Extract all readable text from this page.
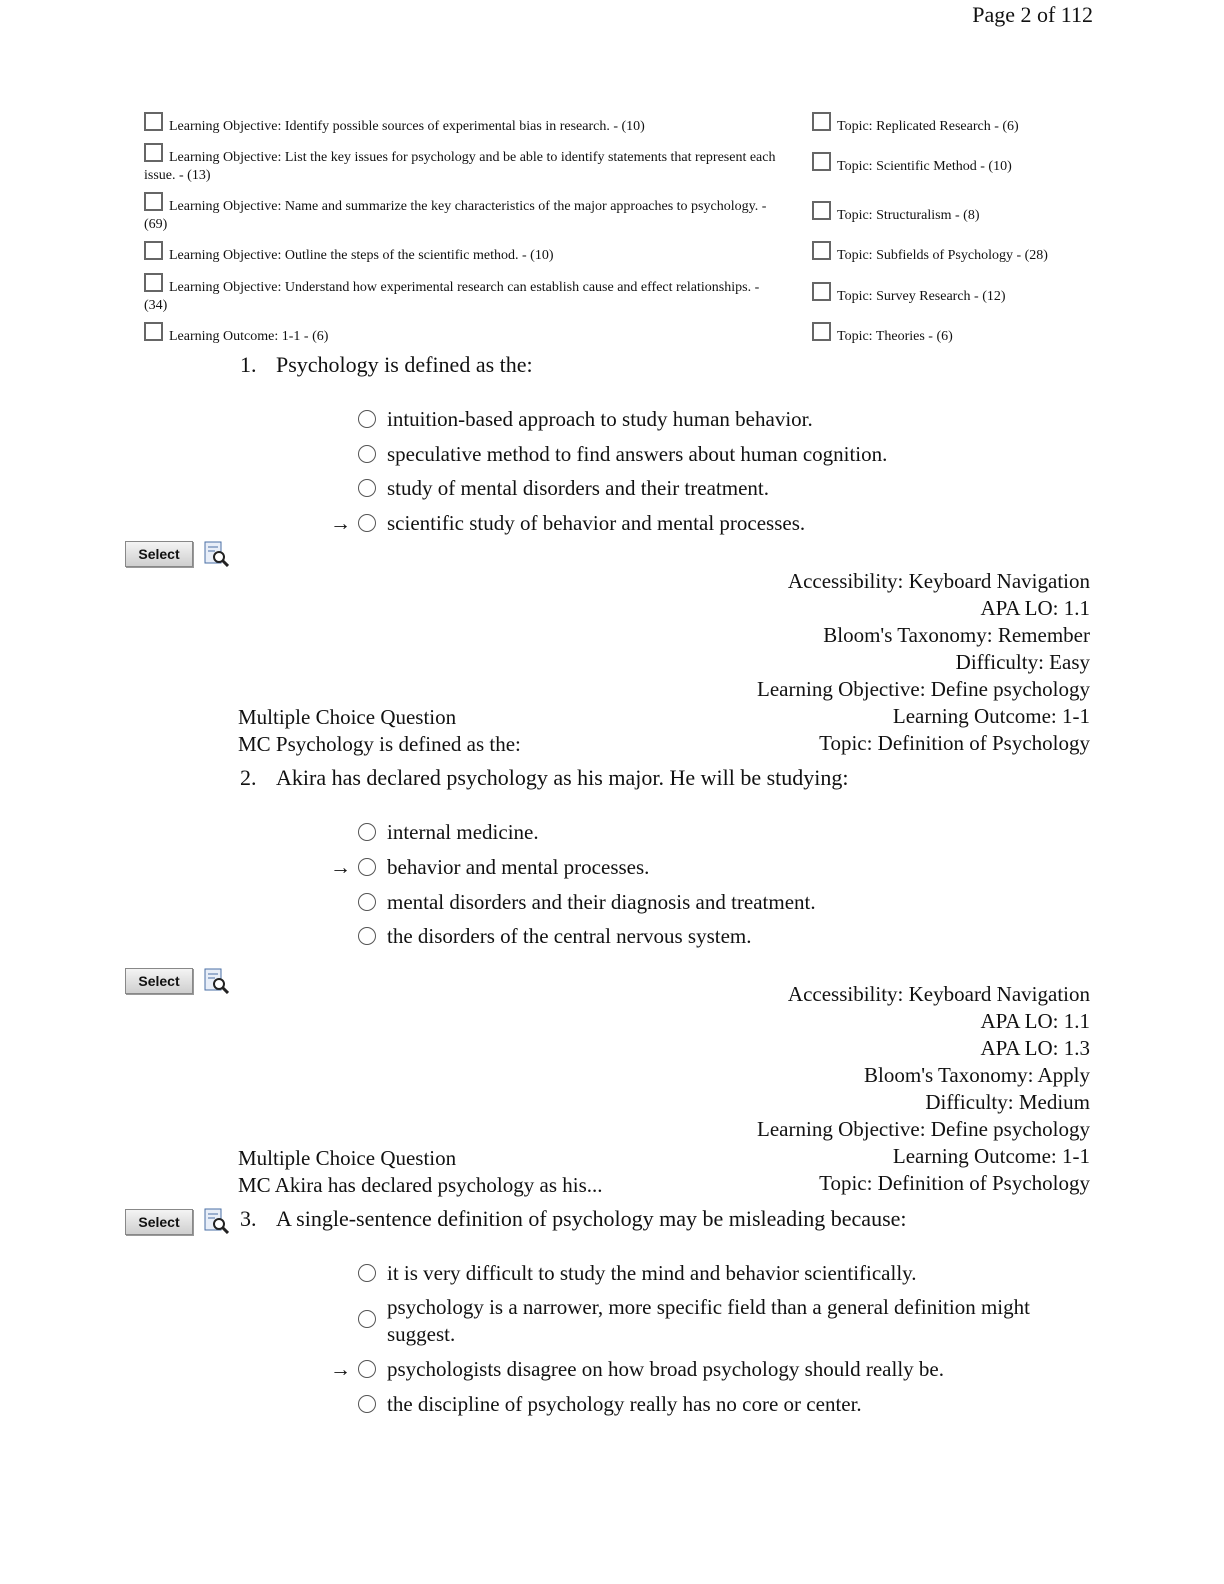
Page 2 of 112
Learning Objective: Identify possible sources of experimental bias in research. - (10)
Learning Objective: List the key issues for psychology and be able to identify statements that represent each issue. - (13)
Learning Objective: Name and summarize the key characteristics of the major approaches to psychology. - (69)
Learning Objective: Outline the steps of the scientific method. - (10)
Learning Objective: Understand how experimental research can establish cause and effect relationships. - (34)
Learning Outcome: 1-1 - (6)
Topic: Replicated Research - (6)
Topic: Scientific Method - (10)
Topic: Structuralism - (8)
Topic: Subfields of Psychology - (28)
Topic: Survey Research - (12)
Topic: Theories - (6)
1. Psychology is defined as the:
intuition-based approach to study human behavior.
speculative method to find answers about human cognition.
study of mental disorders and their treatment.
→ scientific study of behavior and mental processes.
Select
Accessibility: Keyboard Navigation
APA LO: 1.1
Bloom's Taxonomy: Remember
Difficulty: Easy
Learning Objective: Define psychology
Learning Outcome: 1-1
Topic: Definition of Psychology
Multiple Choice Question
MC Psychology is defined as the:
2. Akira has declared psychology as his major. He will be studying:
internal medicine.
→ behavior and mental processes.
mental disorders and their diagnosis and treatment.
the disorders of the central nervous system.
Select
Accessibility: Keyboard Navigation
APA LO: 1.1
APA LO: 1.3
Bloom's Taxonomy: Apply
Difficulty: Medium
Learning Objective: Define psychology
Learning Outcome: 1-1
Topic: Definition of Psychology
Multiple Choice Question
MC Akira has declared psychology as his...
Select	3. A single-sentence definition of psychology may be misleading because:
it is very difficult to study the mind and behavior scientifically.
psychology is a narrower, more specific field than a general definition might suggest.
→ psychologists disagree on how broad psychology should really be.
the discipline of psychology really has no core or center.
